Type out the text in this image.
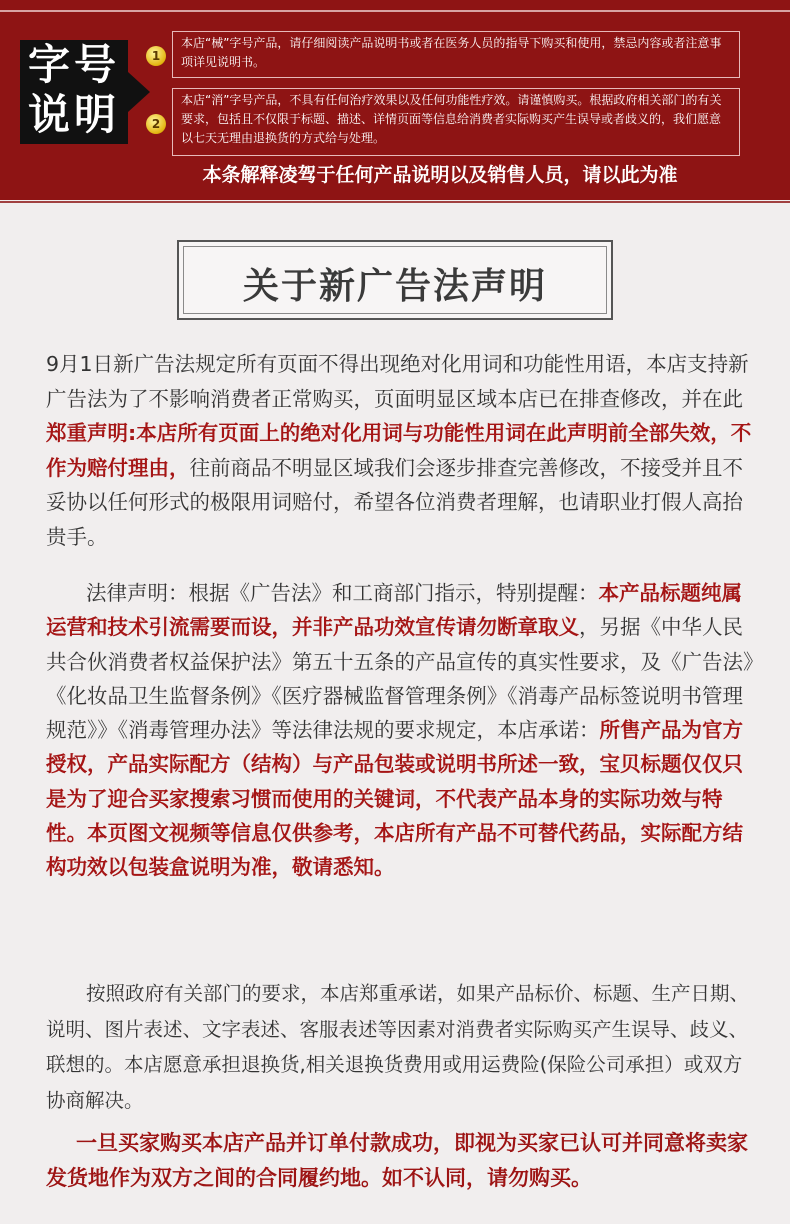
字号
说明
1
2
本店“械”字号产品，请仔细阅读产品说明书或者在医务人员的指导下购买和使用，禁忌内容或者注意事项详见说明书。
本店“消”字号产品，不具有任何治疗效果以及任何功能性疗效。请谨慎购买。根据政府相关部门的有关要求，包括且不仅限于标题、描述、详情页面等信息给消费者实际购买产生误导或者歧义的，我们愿意以七天无理由退换货的方式给与处理。
本条解释凌驾于任何产品说明以及销售人员，请以此为准
关于新广告法声明
9月1日新广告法规定所有页面不得出现绝对化用词和功能性用语，本店支持新广告法为了不影响消费者正常购买，页面明显区域本店已在排查修改，并在此郑重声明:本店所有页面上的绝对化用词与功能性用词在此声明前全部失效，不作为赔付理由，往前商品不明显区域我们会逐步排查完善修改，不接受并且不妥协以任何形式的极限用词赔付，希望各位消费者理解，也请职业打假人高抬贵手。
法律声明：根据《广告法》和工商部门指示，特别提醒：本产品标题纯属运营和技术引流需要而设，并非产品功效宣传请勿断章取义，另据《中华人民共合伙消费者权益保护法》第五十五条的产品宣传的真实性要求，及《广告法》《化妆品卫生监督条例》《医疗器械监督管理条例》《消毒产品标签说明书管理规范》》《消毒管理办法》等法律法规的要求规定，本店承诺：所售产品为官方授权，产品实际配方（结构）与产品包装或说明书所述一致，宝贝标题仅仅只是为了迎合买家搜索习惯而使用的关键词，不代表产品本身的实际功效与特性。本页图文视频等信息仅供参考，本店所有产品不可替代药品，实际配方结构功效以包装盒说明为准，敬请悉知。
按照政府有关部门的要求，本店郑重承诺，如果产品标价、标题、生产日期、说明、图片表述、文字表述、客服表述等因素对消费者实际购买产生误导、歧义、联想的。本店愿意承担退换货,相关退换货费用或用运费险(保险公司承担）或双方协商解决。
一旦买家购买本店产品并订单付款成功，即视为买家已认可并同意将卖家发货地作为双方之间的合同履约地。如不认同，请勿购买。
